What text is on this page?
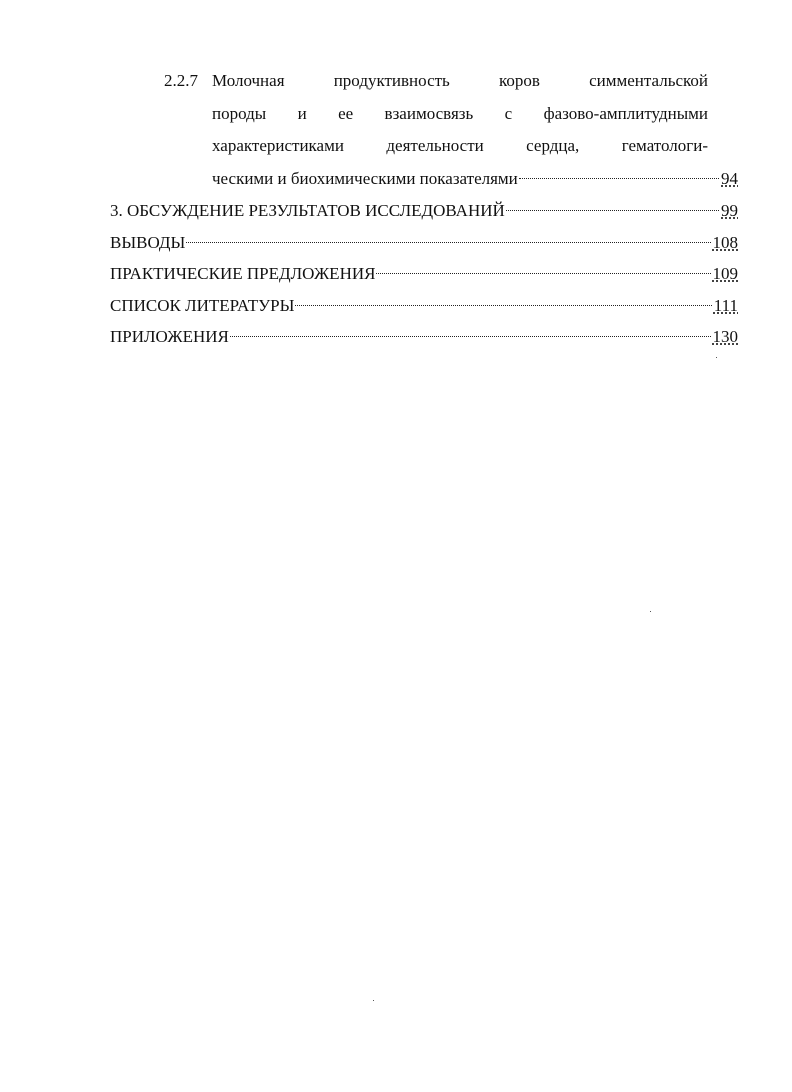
2.2.7 Молочная продуктивность коров симментальской
породы и ее взаимосвязь с фазово-амплитудными
характеристиками деятельности сердца, гематологи-
ческими и биохимическими показателями	94
3. ОБСУЖДЕНИЕ РЕЗУЛЬТАТОВ ИССЛЕДОВАНИЙ	99
ВЫВОДЫ	108
ПРАКТИЧЕСКИЕ ПРЕДЛОЖЕНИЯ	109
СПИСОК ЛИТЕРАТУРЫ	111
ПРИЛОЖЕНИЯ	130
